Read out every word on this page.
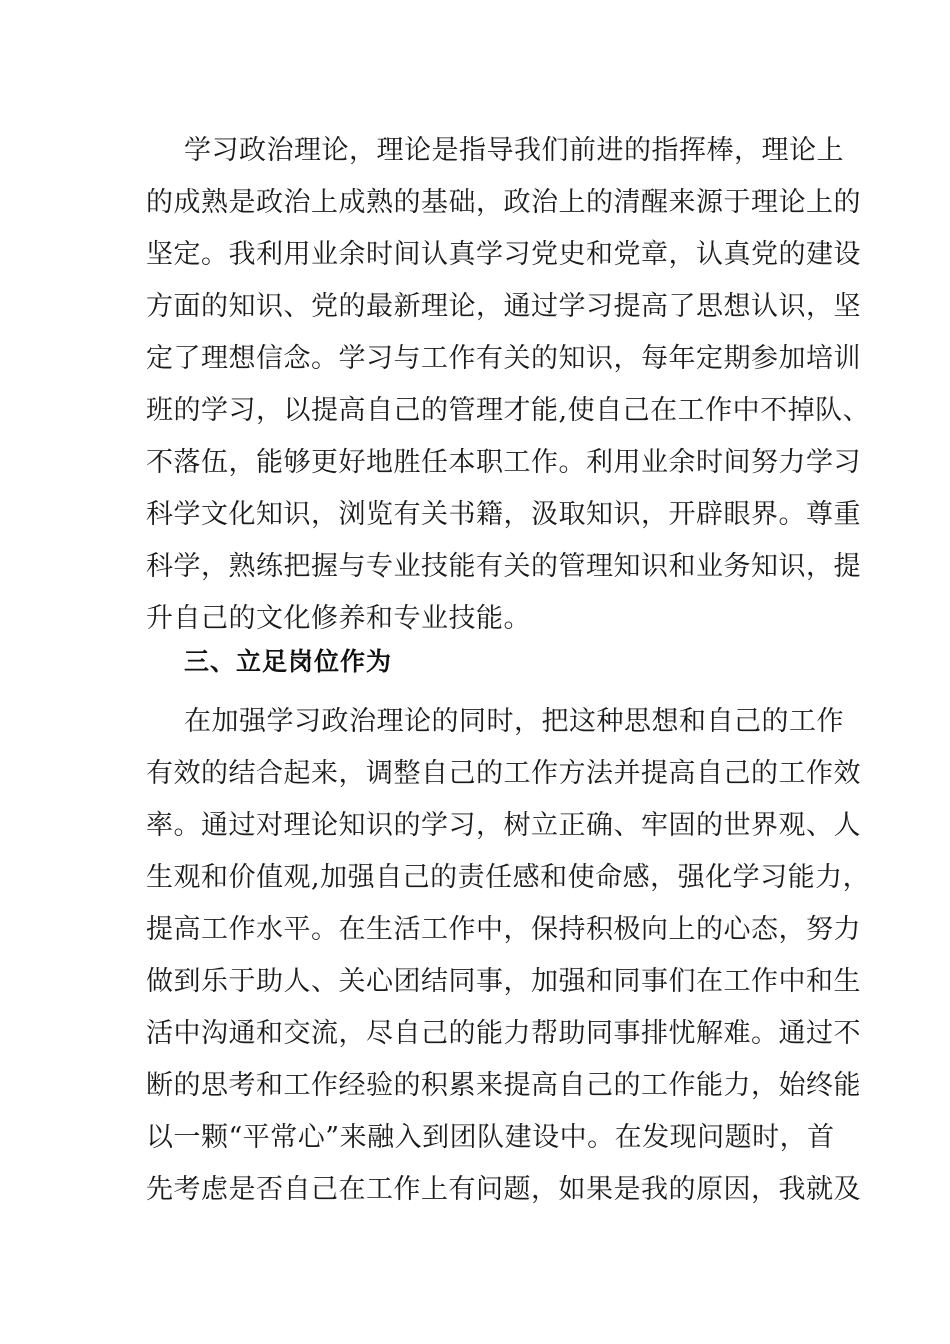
学习政治理论，理论是指导我们前进的指挥棒，理论上
的成熟是政治上成熟的基础，政治上的清醒来源于理论上的
坚定。我利用业余时间认真学习党史和党章，认真党的建设
方面的知识、党的最新理论，通过学习提高了思想认识，坚
定了理想信念。学习与工作有关的知识，每年定期参加培训
班的学习，以提高自己的管理才能,使自己在工作中不掉队、
不落伍，能够更好地胜任本职工作。利用业余时间努力学习
科学文化知识，浏览有关书籍，汲取知识，开辟眼界。尊重
科学，熟练把握与专业技能有关的管理知识和业务知识，提
升自己的文化修养和专业技能。
三、立足岗位作为
在加强学习政治理论的同时，把这种思想和自己的工作
有效的结合起来，调整自己的工作方法并提高自己的工作效
率。通过对理论知识的学习，树立正确、牢固的世界观、人
生观和价值观,加强自己的责任感和使命感，强化学习能力，
提高工作水平。在生活工作中，保持积极向上的心态，努力
做到乐于助人、关心团结同事，加强和同事们在工作中和生
活中沟通和交流，尽自己的能力帮助同事排忧解难。通过不
断的思考和工作经验的积累来提高自己的工作能力，始终能
以一颗“平常心”来融入到团队建设中。在发现问题时，首
先考虑是否自己在工作上有问题，如果是我的原因，我就及
